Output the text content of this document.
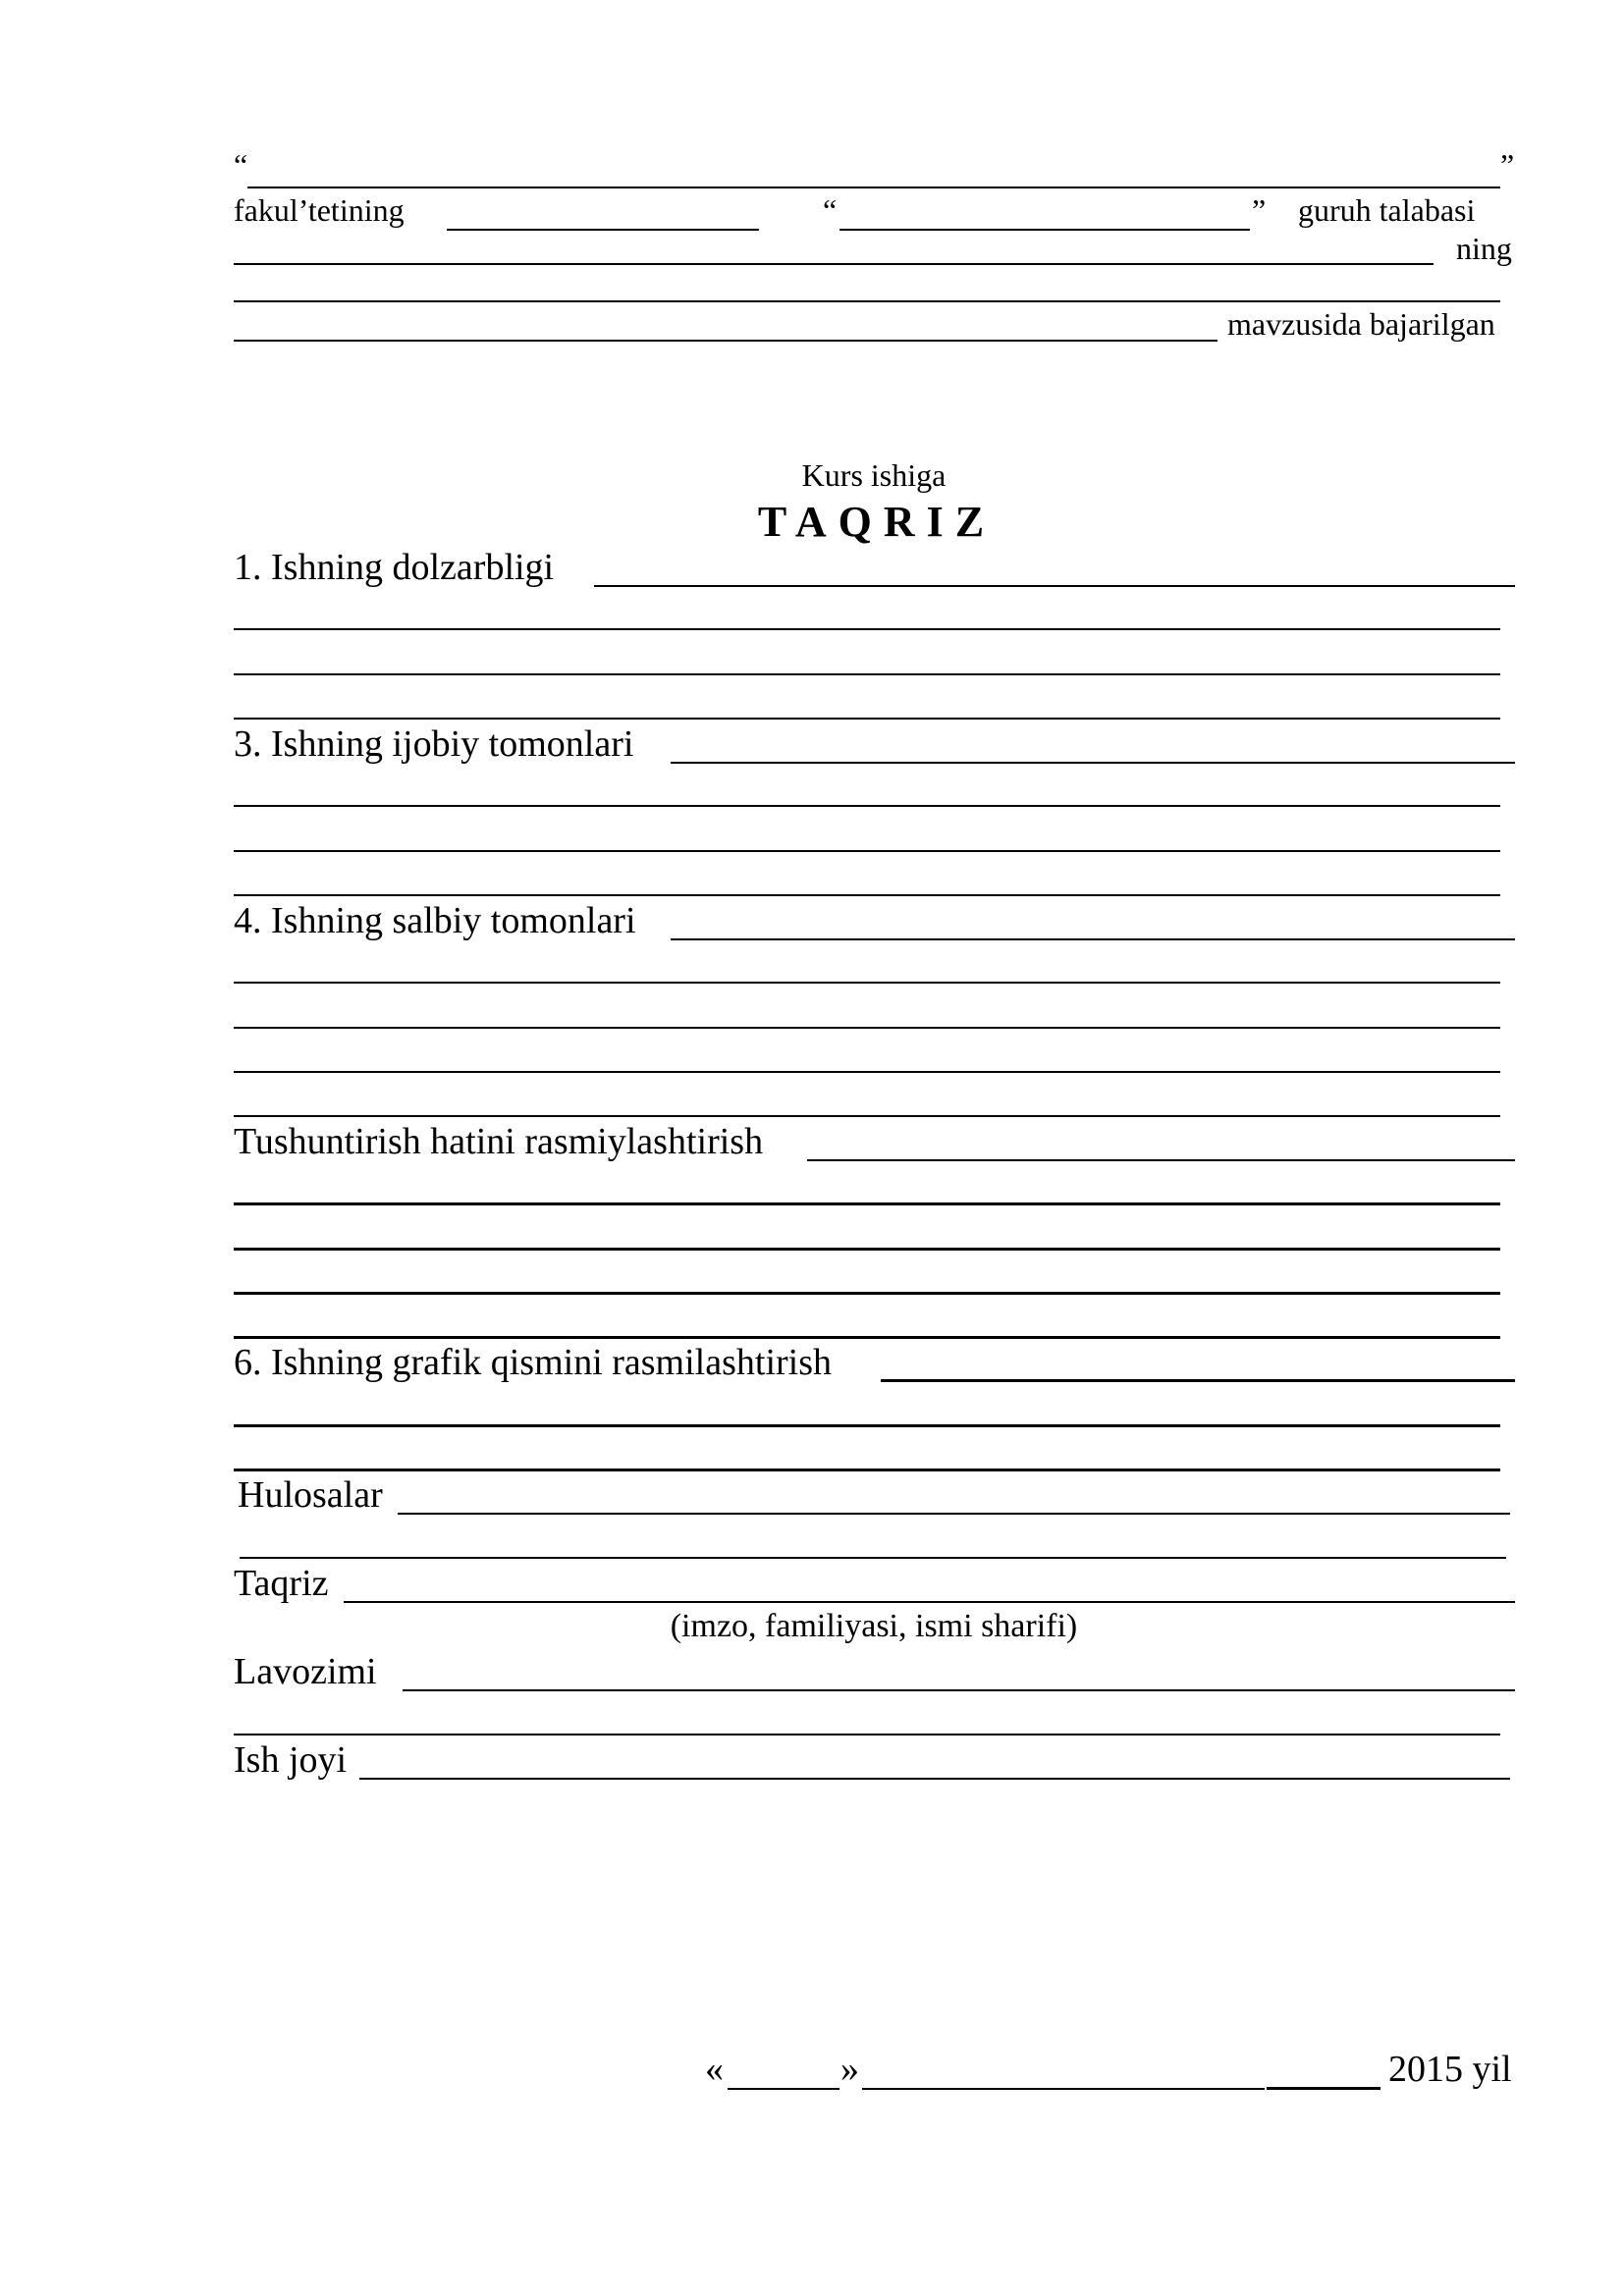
“	”
fakul’tetining	“	” guruh talabasi
ning
mavzusida bajarilgan
Kurs ishiga
TAQRIZ
1. Ishning dolzarbligi
3. Ishning ijobiy tomonlari
4. Ishning salbiy tomonlari
Tushuntirish hatini rasmiylashtirish
6. Ishning grafik qismini rasmilashtirish
Hulosalar
Taqriz
(imzo, familiyasi, ismi sharifi)
Lavozimi
Ish joyi
«	»	2015 yil
